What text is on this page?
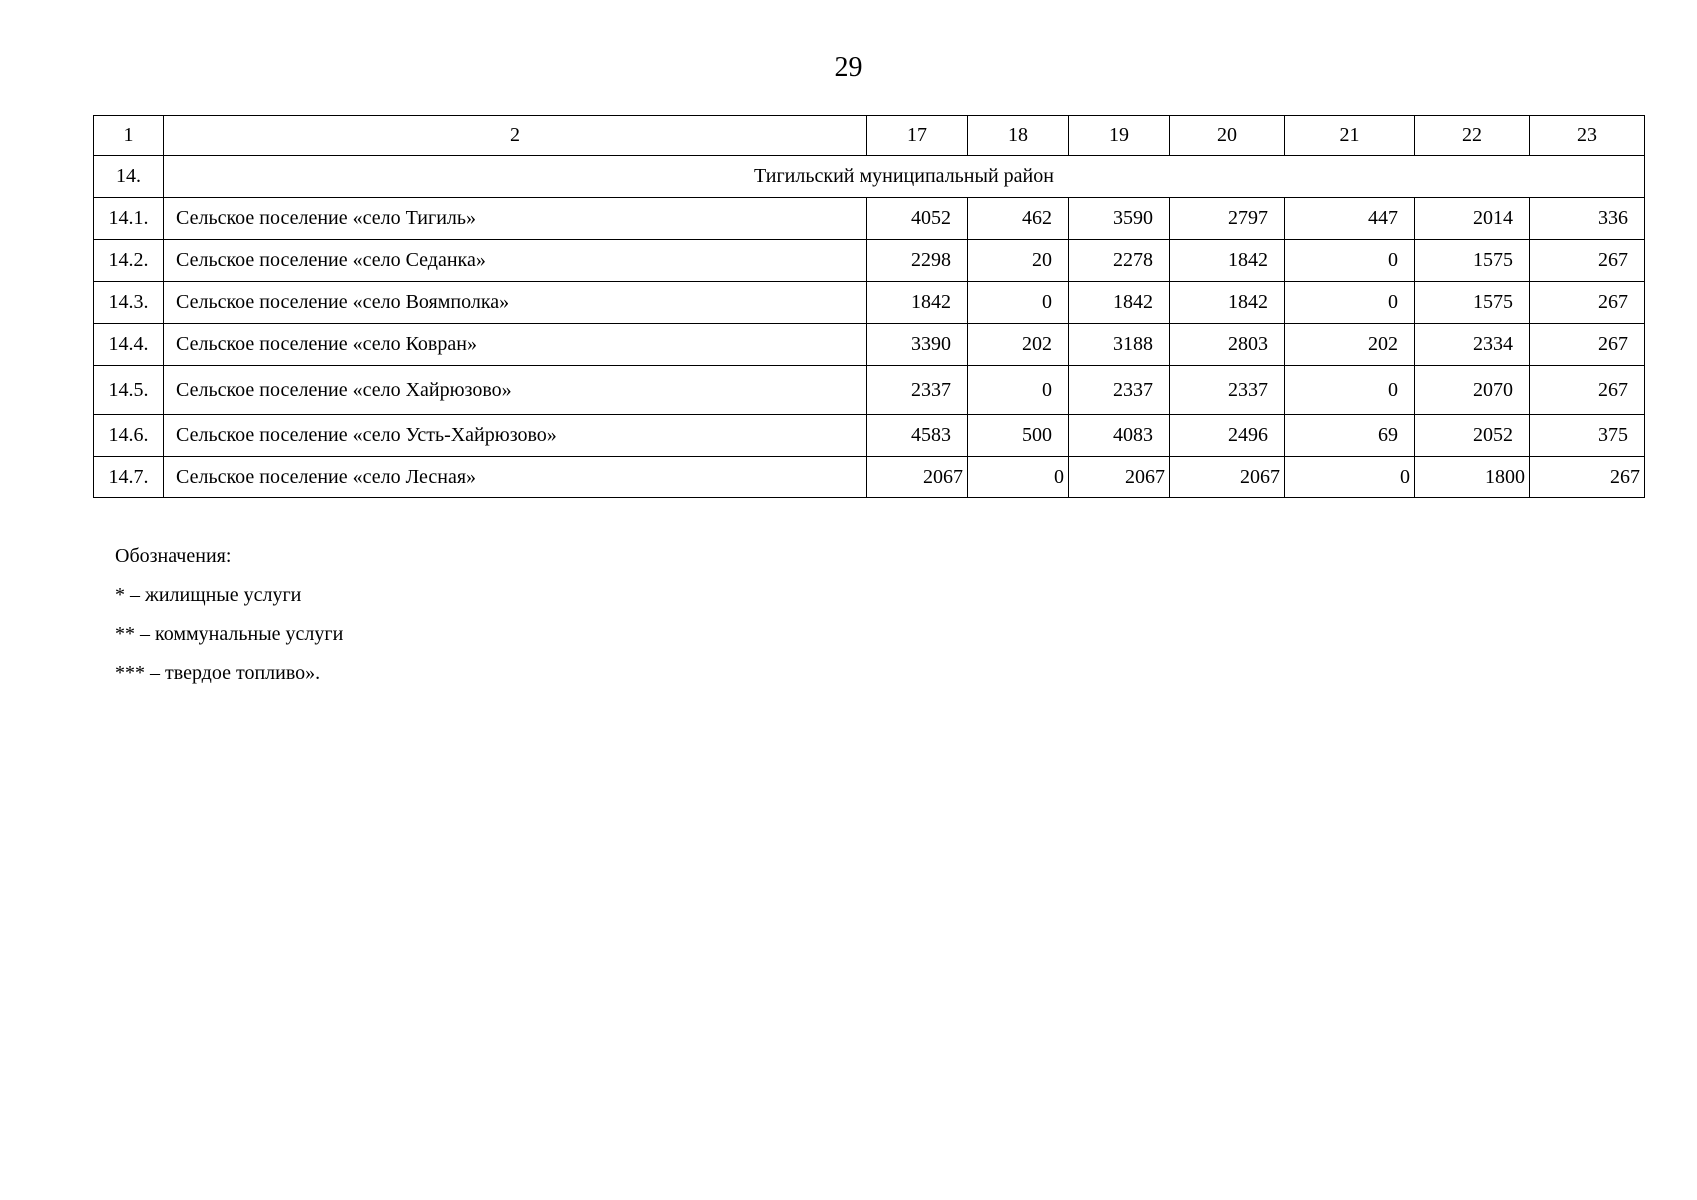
29
1	2	17	18	19	20	21	22	23
14.	Тигильский муниципальный район							
14.1.	Сельское поселение «село Тигиль»	4052	462	3590	2797	447	2014	336
14.2.	Сельское поселение «село Седанка»	2298	20	2278	1842	0	1575	267
14.3.	Сельское поселение «село Воямполка»	1842	0	1842	1842	0	1575	267
14.4.	Сельское поселение «село Ковран»	3390	202	3188	2803	202	2334	267
14.5.	Сельское поселение «село Хайрюзово»	2337	0	2337	2337	0	2070	267
14.6.	Сельское поселение «село Усть-Хайрюзово»	4583	500	4083	2496	69	2052	375
14.7.	Сельское поселение «село Лесная»	2067	0	2067	2067	0	1800	267
Обозначения:
* – жилищные услуги
** – коммунальные услуги
*** – твердое топливо».
